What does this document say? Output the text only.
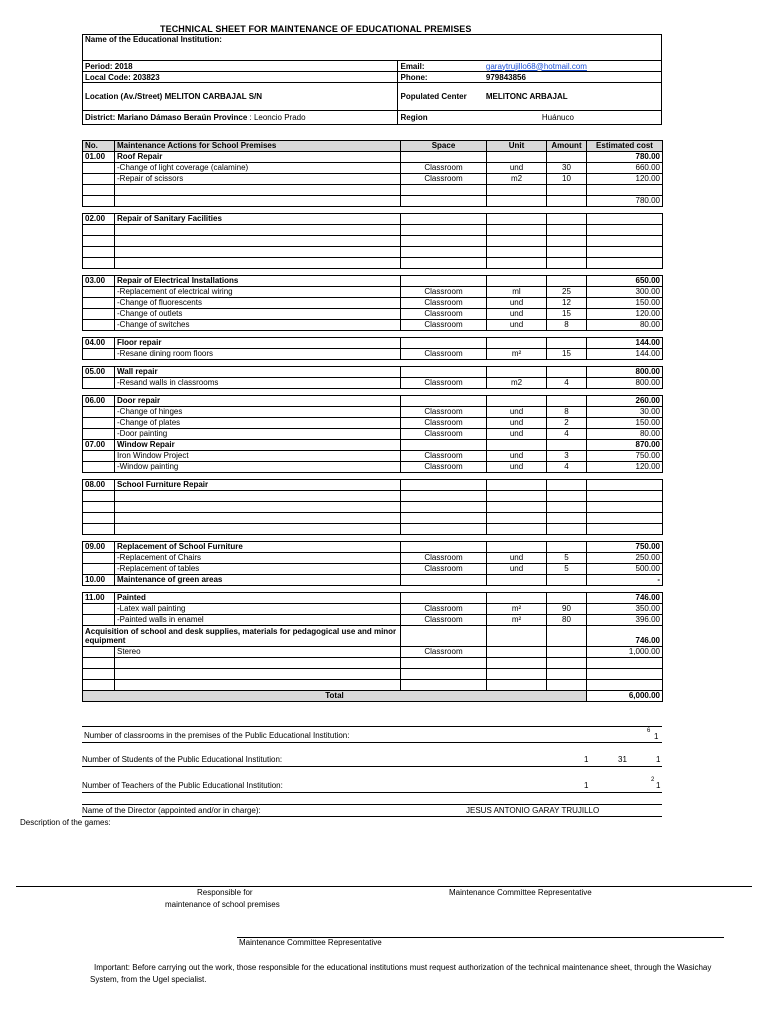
TECHNICAL SHEET FOR MAINTENANCE OF EDUCATIONAL PREMISES
Name of the Educational Institution:		
Period: 2018	Email:	garaytrujillo68@hotmail.com
Local Code: 203823	Phone:	979843856
Location (Av./Street) MELITON CARBAJAL S/N	Populated Center	MELITONC ARBAJAL
District: Mariano Dámaso Beraún Province : Leoncio Prado	Region	Huánuco
No.	Maintenance Actions for School Premises	Space	Unit	Amount	Estimated cost
01.00	Roof Repair				780.00
	-Change of light coverage (calamine)	Classroom	und	30	660.00
	-Repair of scissors	Classroom	m2	10	120.00

					780.00

02.00	Repair of Sanitary Facilities				

03.00	Repair of Electrical Installations				650.00
	-Replacement of electrical wiring	Classroom	ml	25	300.00
	-Change of fluorescents	Classroom	und	12	150.00
	-Change of outlets	Classroom	und	15	120.00
	-Change of switches	Classroom	und	8	80.00

04.00	Floor repair				144.00
	-Resane dining room floors	Classroom	m²	15	144.00

05.00	Wall repair				800.00
	-Resand walls in classrooms	Classroom	m2	4	800.00

06.00	Door repair				260.00
	-Change of hinges	Classroom	und	8	30.00
	-Change of plates	Classroom	und	2	150.00
	-Door painting	Classroom	und	4	80.00
07.00	Window Repair				870.00
	Iron Window Project	Classroom	und	3	750.00
	-Window painting	Classroom	und	4	120.00

08.00	School Furniture Repair				

09.00	Replacement of School Furniture				750.00
	-Replacement of Chairs	Classroom	und	5	250.00
	-Replacement of tables	Classroom	und	5	500.00
10.00	Maintenance of green areas				-

11.00	Painted				746.00
	-Latex wall painting	Classroom	m²	90	350.00
	-Painted walls in enamel	Classroom	m²	80	396.00
Acquisition of school and desk supplies, materials for pedagogical use and minor equipment					746.00
	Stereo	Classroom			1,000.00

Total					6,000.00
Number of classrooms in the premises of the Public Educational Institution:	6
1
Number of Students of the Public Educational Institution:	1	31	1
Number of Teachers of the Public Educational Institution:	1
2
1
Name of the Director (appointed and/or in charge):	JESUS ANTONIO GARAY TRUJILLO
Description of the games:
Responsible for
maintenance of school premises
Maintenance Committee Representative
Maintenance Committee Representative
Important: Before carrying out the work, those responsible for the educational institutions must request authorization of the technical maintenance sheet, through the Wasichay System, from the Ugel specialist.
